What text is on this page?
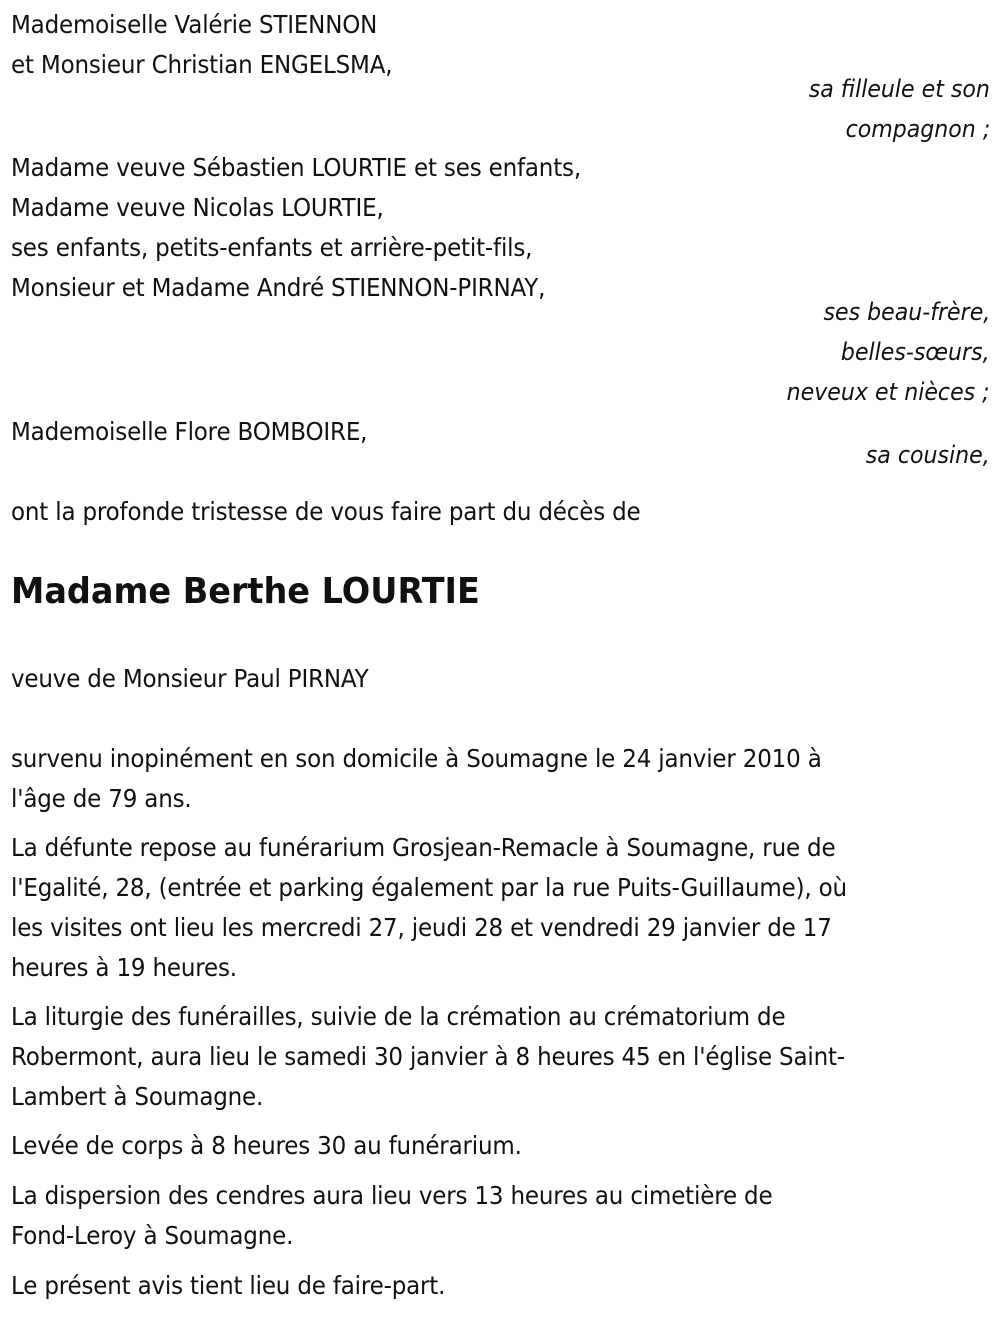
Mademoiselle Valérie STIENNON
et Monsieur Christian ENGELSMA,
sa filleule et son
compagnon ;
Madame veuve Sébastien LOURTIE et ses enfants,
Madame veuve Nicolas LOURTIE,
ses enfants, petits-enfants et arrière-petit-fils,
Monsieur et Madame André STIENNON-PIRNAY,
ses beau-frère,
belles-sœurs,
neveux et nièces ;
Mademoiselle Flore BOMBOIRE,
sa cousine,
ont la profonde tristesse de vous faire part du décès de
Madame Berthe LOURTIE
veuve de Monsieur Paul PIRNAY
survenu inopinément en son domicile à Soumagne le 24 janvier 2010 à
l'âge de 79 ans.
La défunte repose au funérarium Grosjean-Remacle à Soumagne, rue de
l'Egalité, 28, (entrée et parking également par la rue Puits-Guillaume), où
les visites ont lieu les mercredi 27, jeudi 28 et vendredi 29 janvier de 17
heures à 19 heures.
La liturgie des funérailles, suivie de la crémation au crématorium de
Robermont, aura lieu le samedi 30 janvier à 8 heures 45 en l'église Saint-
Lambert à Soumagne.
Levée de corps à 8 heures 30 au funérarium.
La dispersion des cendres aura lieu vers 13 heures au cimetière de
Fond-Leroy à Soumagne.
Le présent avis tient lieu de faire-part.
